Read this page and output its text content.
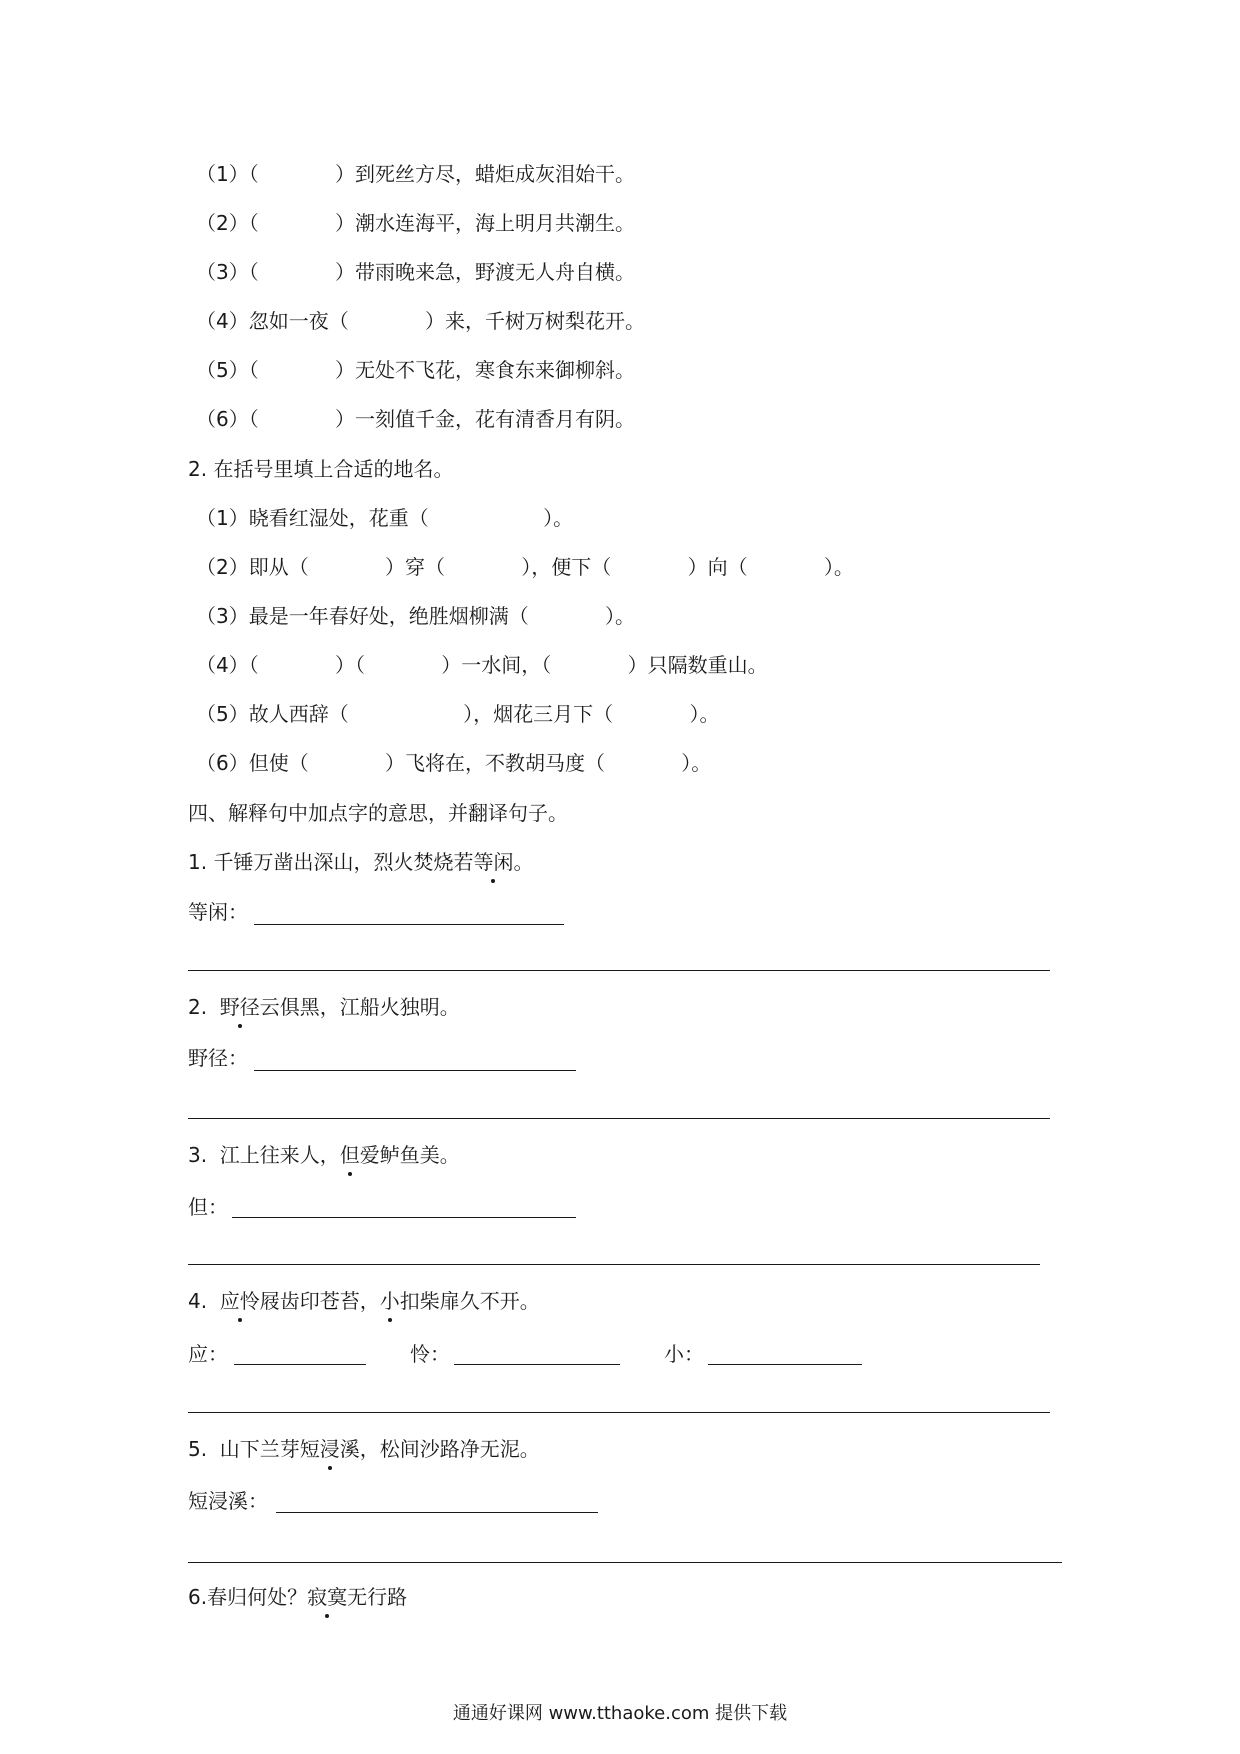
（1）（	）到死丝方尽，蜡炬成灰泪始干。
（2）（	）潮水连海平，海上明月共潮生。
（3）（	）带雨晚来急，野渡无人舟自横。
（4）忽如一夜（	）来，千树万树梨花开。
（5）（	）无处不飞花，寒食东来御柳斜。
（6）（	）一刻值千金，花有清香月有阴。
2. 在括号里填上合适的地名。
（1）晓看红湿处，花重（                  ）。
（2）即从（            ）穿（            ），便下（            ）向（            ）。
（3）最是一年春好处，绝胜烟柳满（            ）。
（4）（            ）（            ）一水间，（            ）只隔数重山。
（5）故人西辞（                  ），烟花三月下（            ）。
（6）但使（            ）飞将在，不教胡马度（            ）。
四、解释句中加点字的意思，并翻译句子。
1. 千锤万凿出深山，烈火焚烧若等闲。
等闲：
2.  野径云俱黑，江船火独明。
野径：
3.  江上往来人，但爱鲈鱼美。
但：
4.  应怜屐齿印苍苔，小扣柴扉久不开。
应：	怜：	小：
5.  山下兰芽短浸溪，松间沙路净无泥。
短浸溪：
6.春归何处？寂寞无行路
通通好课网 www.tthaoke.com 提供下载
